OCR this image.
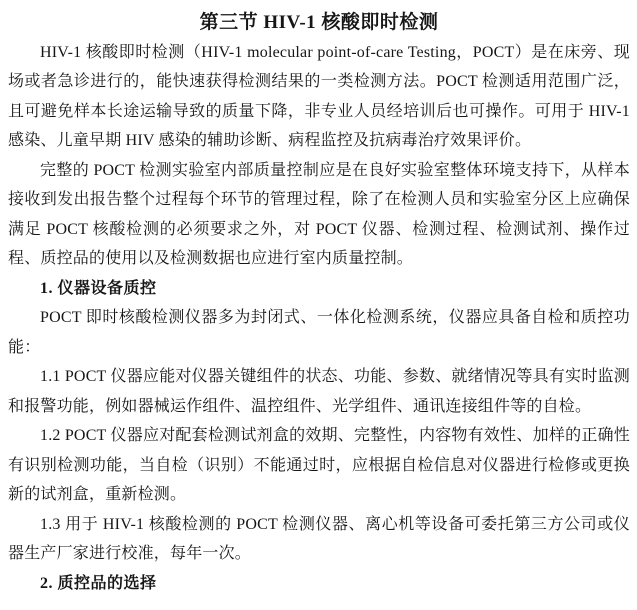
第三节 HIV-1 核酸即时检测

HIV-1 核酸即时检测（HIV-1 molecular point-of-care Testing，POCT）是在床旁、现场或者急诊进行的，能快速获得检测结果的一类检测方法。POCT 检测适用范围广泛，且可避免样本长途运输导致的质量下降，非专业人员经培训后也可操作。可用于 HIV-1 感染、儿童早期 HIV 感染的辅助诊断、病程监控及抗病毒治疗效果评价。

完整的 POCT 检测实验室内部质量控制应是在良好实验室整体环境支持下，从样本接收到发出报告整个过程每个环节的管理过程，除了在检测人员和实验室分区上应确保满足 POCT 核酸检测的必须要求之外，对 POCT 仪器、检测过程、检测试剂、操作过程、质控品的使用以及检测数据也应进行室内质量控制。

1. 仪器设备质控

POCT 即时核酸检测仪器多为封闭式、一体化检测系统，仪器应具备自检和质控功能：

1.1 POCT 仪器应能对仪器关键组件的状态、功能、参数、就绪情况等具有实时监测和报警功能，例如器械运作组件、温控组件、光学组件、通讯连接组件等的自检。

1.2 POCT 仪器应对配套检测试剂盒的效期、完整性，内容物有效性、加样的正确性有识别检测功能，当自检（识别）不能通过时，应根据自检信息对仪器进行检修或更换新的试剂盒，重新检测。

1.3 用于 HIV-1 核酸检测的 POCT 检测仪器、离心机等设备可委托第三方公司或仪器生产厂家进行校准，每年一次。

2. 质控品的选择
